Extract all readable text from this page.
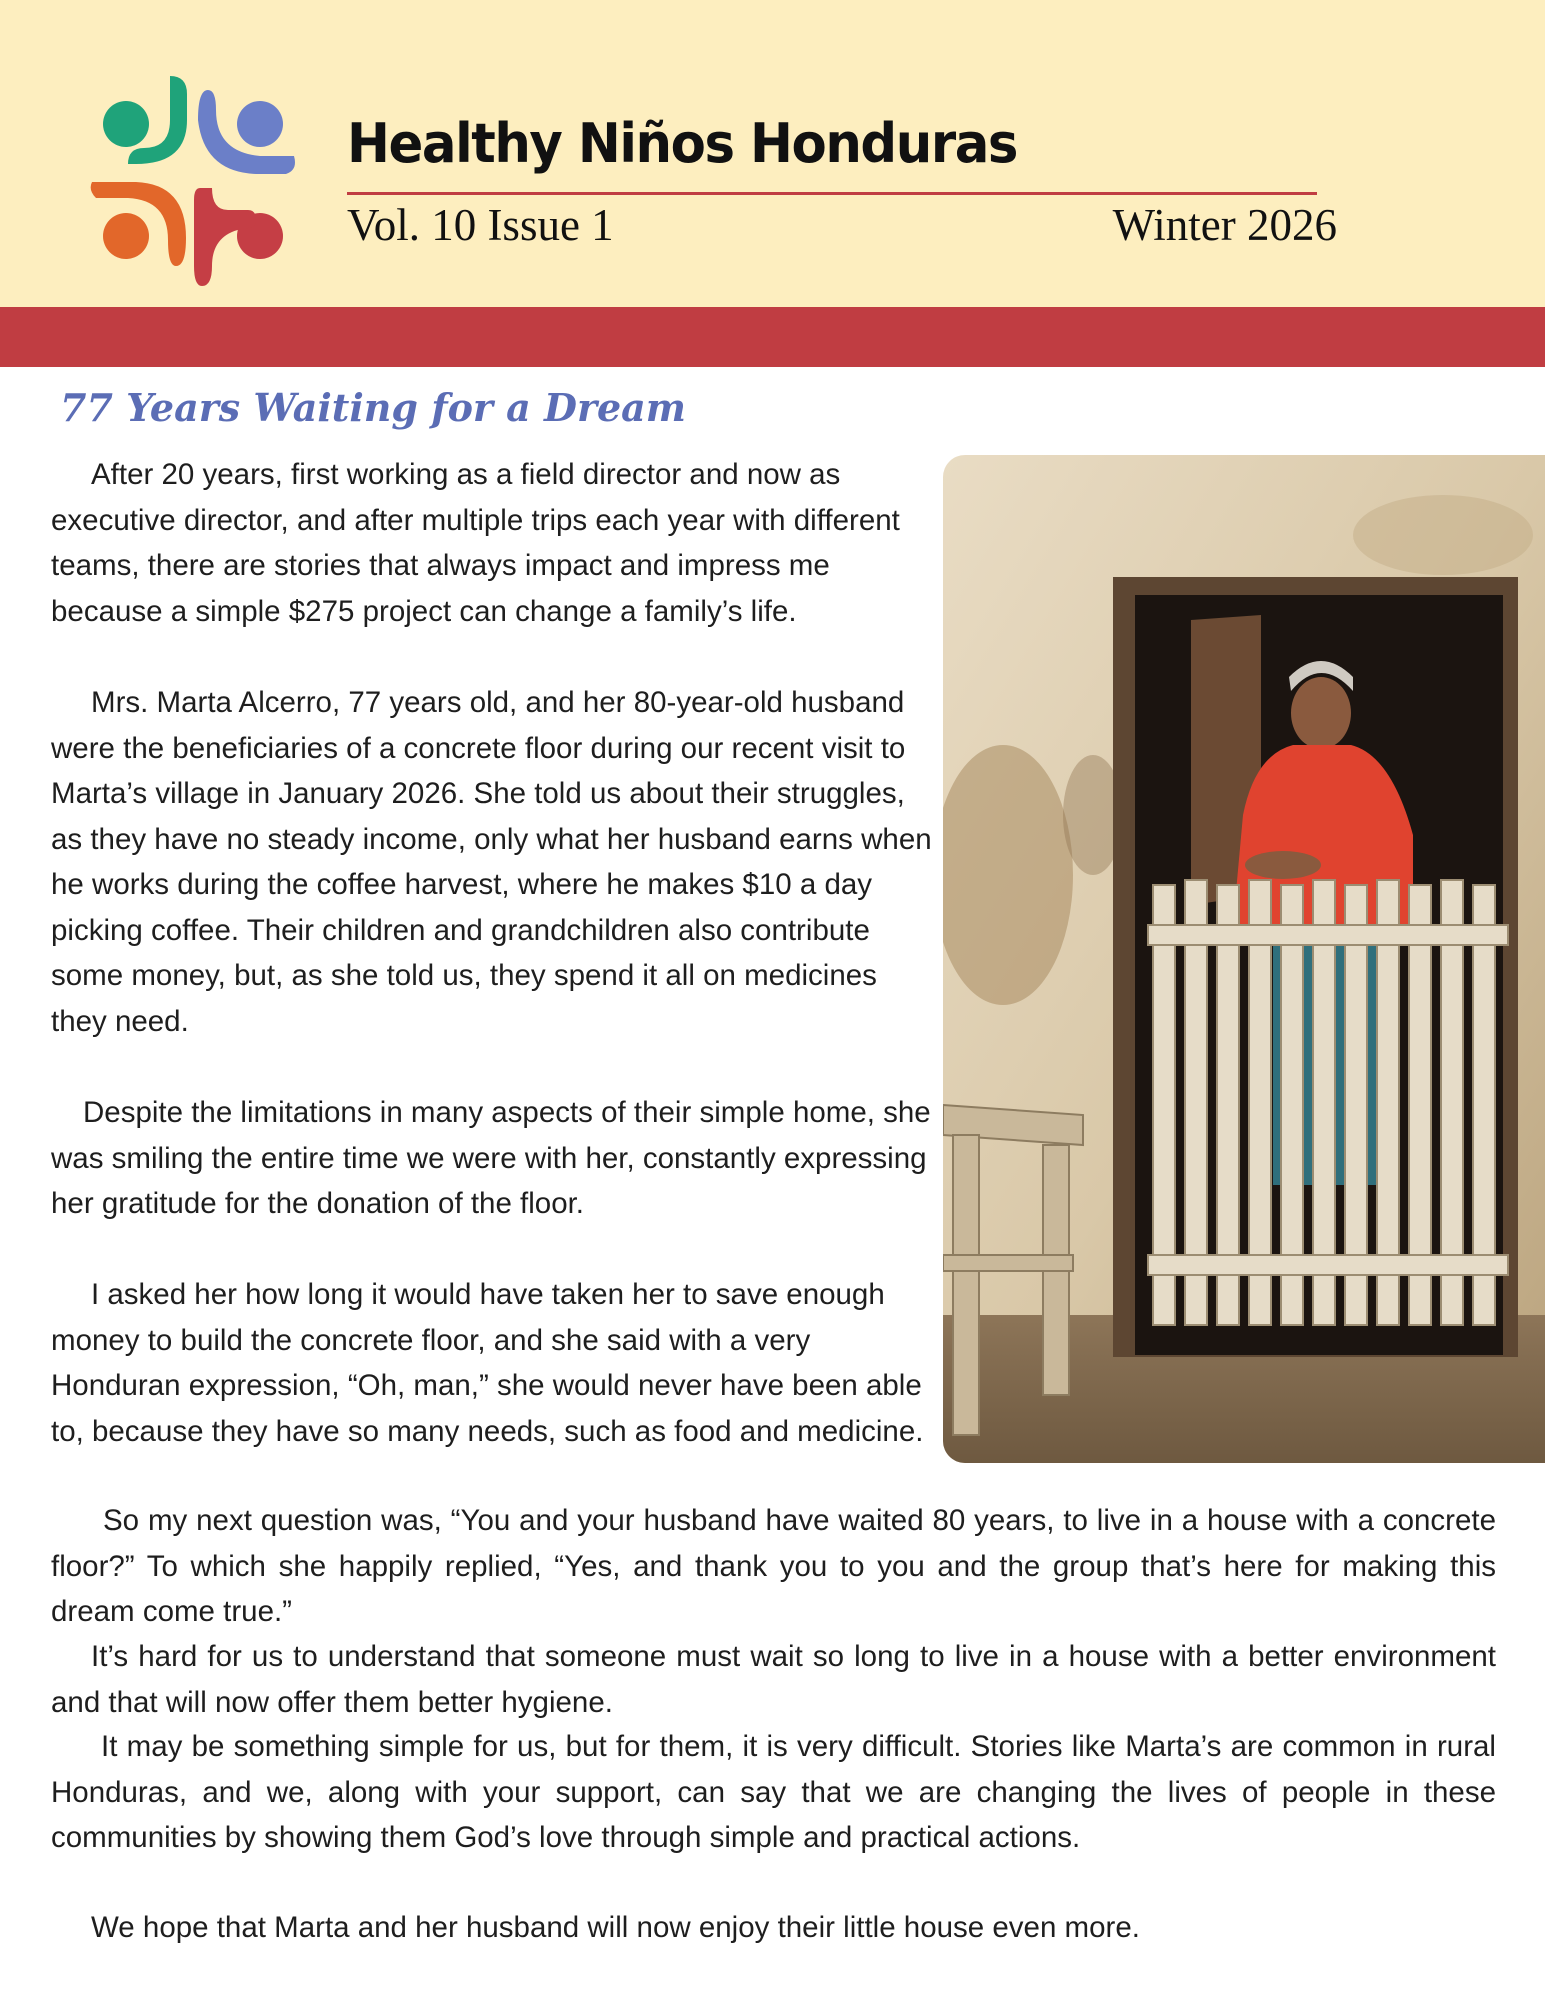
Healthy Niños Honduras
Vol. 10 Issue 1	Winter 2026
77 Years Waiting for a Dream

After 20 years, first working as a field director and now as executive director, and after multiple trips each year with different teams, there are stories that always impact and impress me because a simple $275 project can change a family’s life.

Mrs. Marta Alcerro, 77 years old, and her 80-year-old husband were the beneficiaries of a concrete floor during our recent visit to Marta’s village in January 2026. She told us about their struggles, as they have no steady income, only what her husband earns when he works during the coffee harvest, where he makes $10 a day picking coffee. Their children and grandchildren also contribute some money, but, as she told us, they spend it all on medicines they need.

Despite the limitations in many aspects of their simple home, she was smiling the entire time we were with her, constantly expressing her gratitude for the donation of the floor.

I asked her how long it would have taken her to save enough money to build the concrete floor, and she said with a very Honduran expression, “Oh, man,” she would never have been able to, because they have so many needs, such as food and medicine.

So my next question was, “You and your husband have waited 80 years, to live in a house with a concrete floor?” To which she happily replied, “Yes, and thank you to you and the group that’s here for making this dream come true.”

It’s hard for us to understand that someone must wait so long to live in a house with a better environment and that will now offer them better hygiene.

It may be something simple for us, but for them, it is very difficult. Stories like Marta’s are common in rural Honduras, and we, along with your support, can say that we are changing the lives of people in these communities by showing them God’s love through simple and practical actions.

We hope that Marta and her husband will now enjoy their little house even more.
